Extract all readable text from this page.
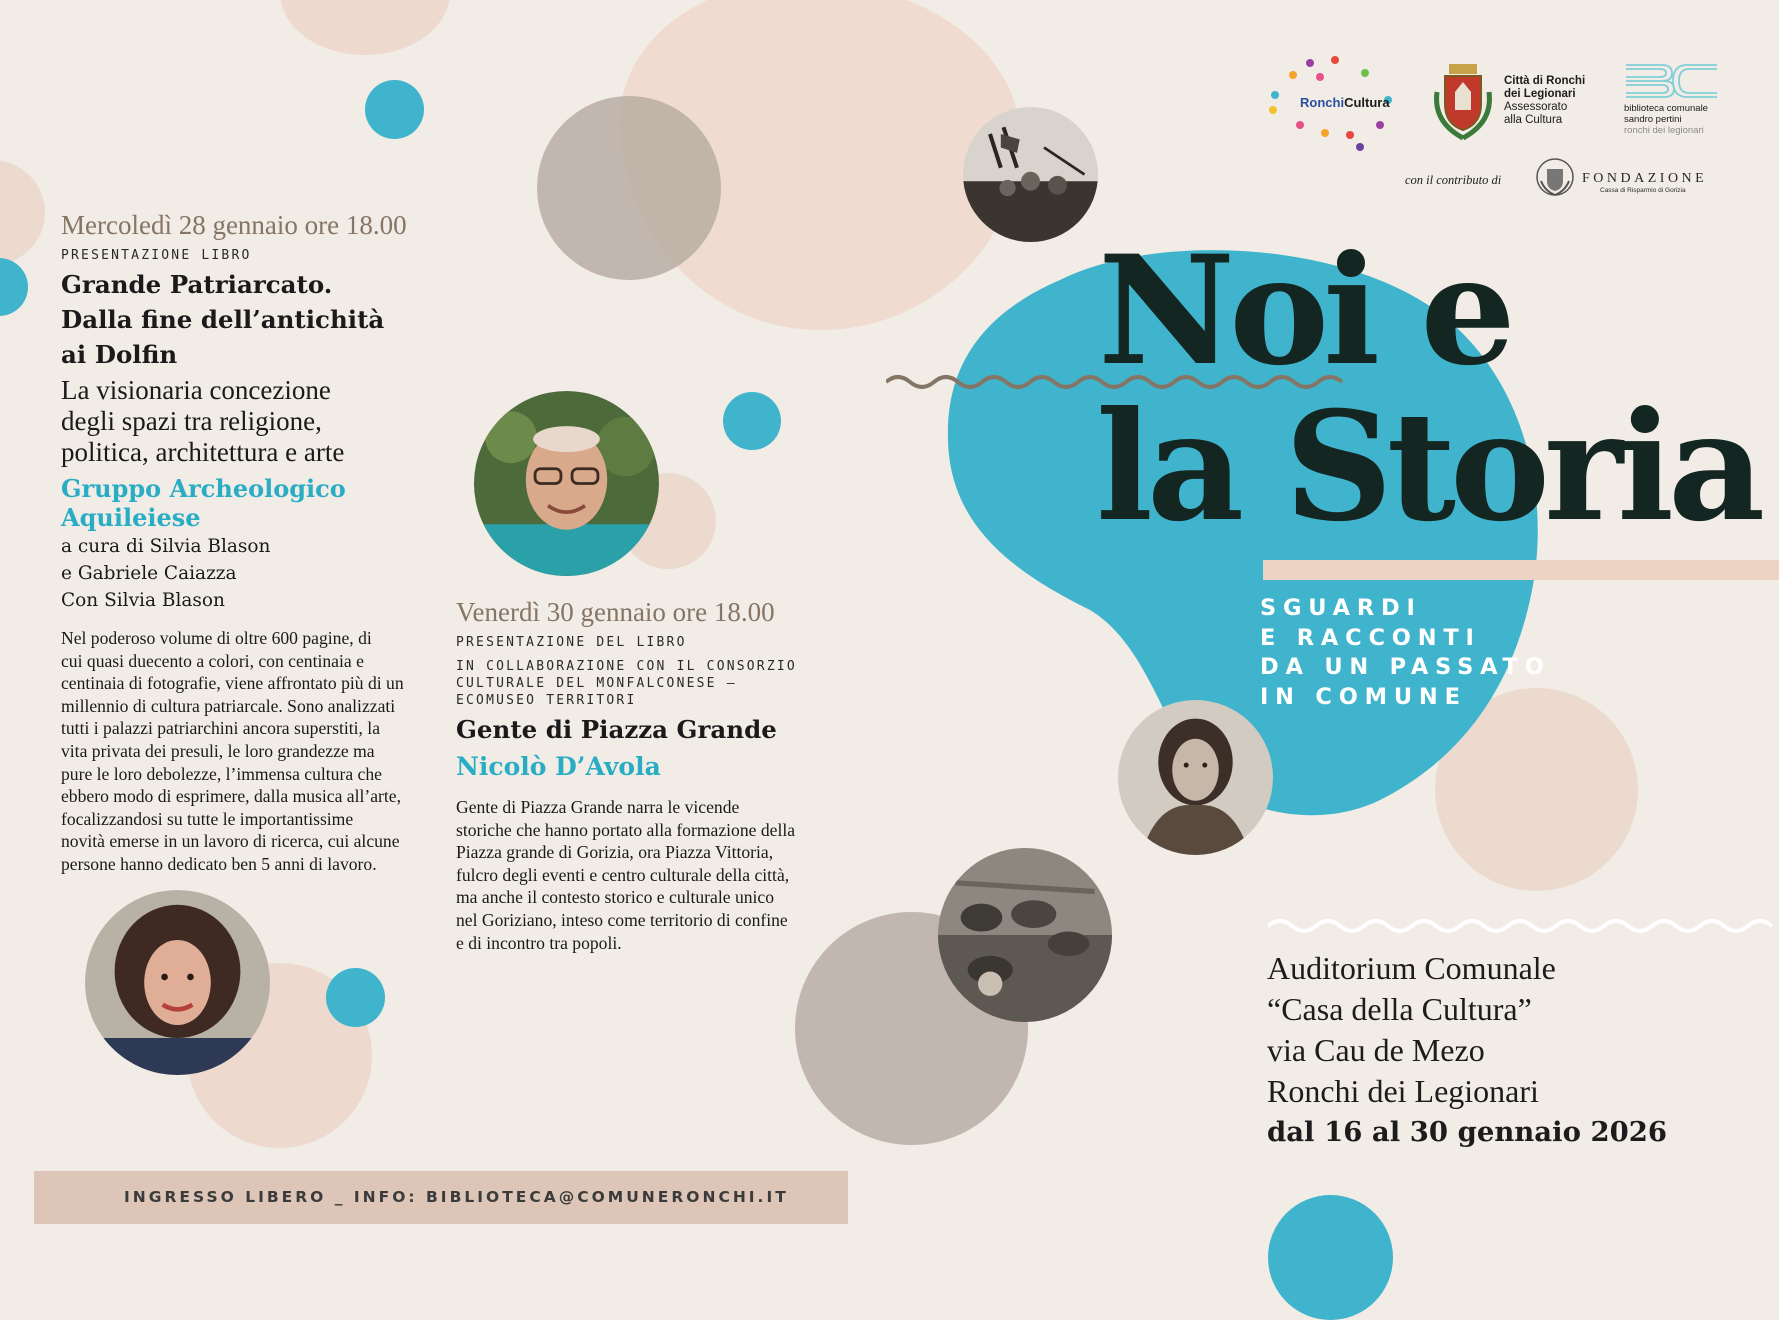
RonchiCultura
Città di Ronchi
dei Legionari
Assessorato
alla Cultura
biblioteca comunale
sandro pertini
ronchi dei legionari
con il contributo di	FONDAZIONE
Cassa di Risparmio di Gorizia
Mercoledì 28 gennaio ore 18.00
PRESENTAZIONE LIBRO
Grande Patriarcato.
Dalla fine dell’antichità
ai Dolfin
La visionaria concezione
degli spazi tra religione,
politica, architettura e arte
Gruppo Archeologico
Aquileiese
a cura di Silvia Blason
e Gabriele Caiazza
Con Silvia Blason
Nel poderoso volume di oltre 600 pagine, di
cui quasi duecento a colori, con centinaia e
centinaia di fotografie, viene affrontato più di un
millennio di cultura patriarcale. Sono analizzati
tutti i palazzi patriarchini ancora superstiti, la
vita privata dei presuli, le loro grandezze ma
pure le loro debolezze, l’immensa cultura che
ebbero modo di esprimere, dalla musica all’arte,
focalizzandosi su tutte le importantissime
novità emerse in un lavoro di ricerca, cui alcune
persone hanno dedicato ben 5 anni di lavoro.
Venerdì 30 gennaio ore 18.00
PRESENTAZIONE DEL LIBRO
IN COLLABORAZIONE CON IL CONSORZIO
CULTURALE DEL MONFALCONESE –
ECOMUSEO TERRITORI
Gente di Piazza Grande
Nicolò D’Avola
Gente di Piazza Grande narra le vicende
storiche che hanno portato alla formazione della
Piazza grande di Gorizia, ora Piazza Vittoria,
fulcro degli eventi e centro culturale della città,
ma anche il contesto storico e culturale unico
nel Goriziano, inteso come territorio di confine
e di incontro tra popoli.
Noi e
la Storia
SGUARDI
E RACCONTI
DA UN PASSATO
IN COMUNE
Auditorium Comunale
“Casa della Cultura”
via Cau de Mezo
Ronchi dei Legionari
dal 16 al 30 gennaio 2026
INGRESSO LIBERO _ INFO: BIBLIOTECA@COMUNERONCHI.IT
